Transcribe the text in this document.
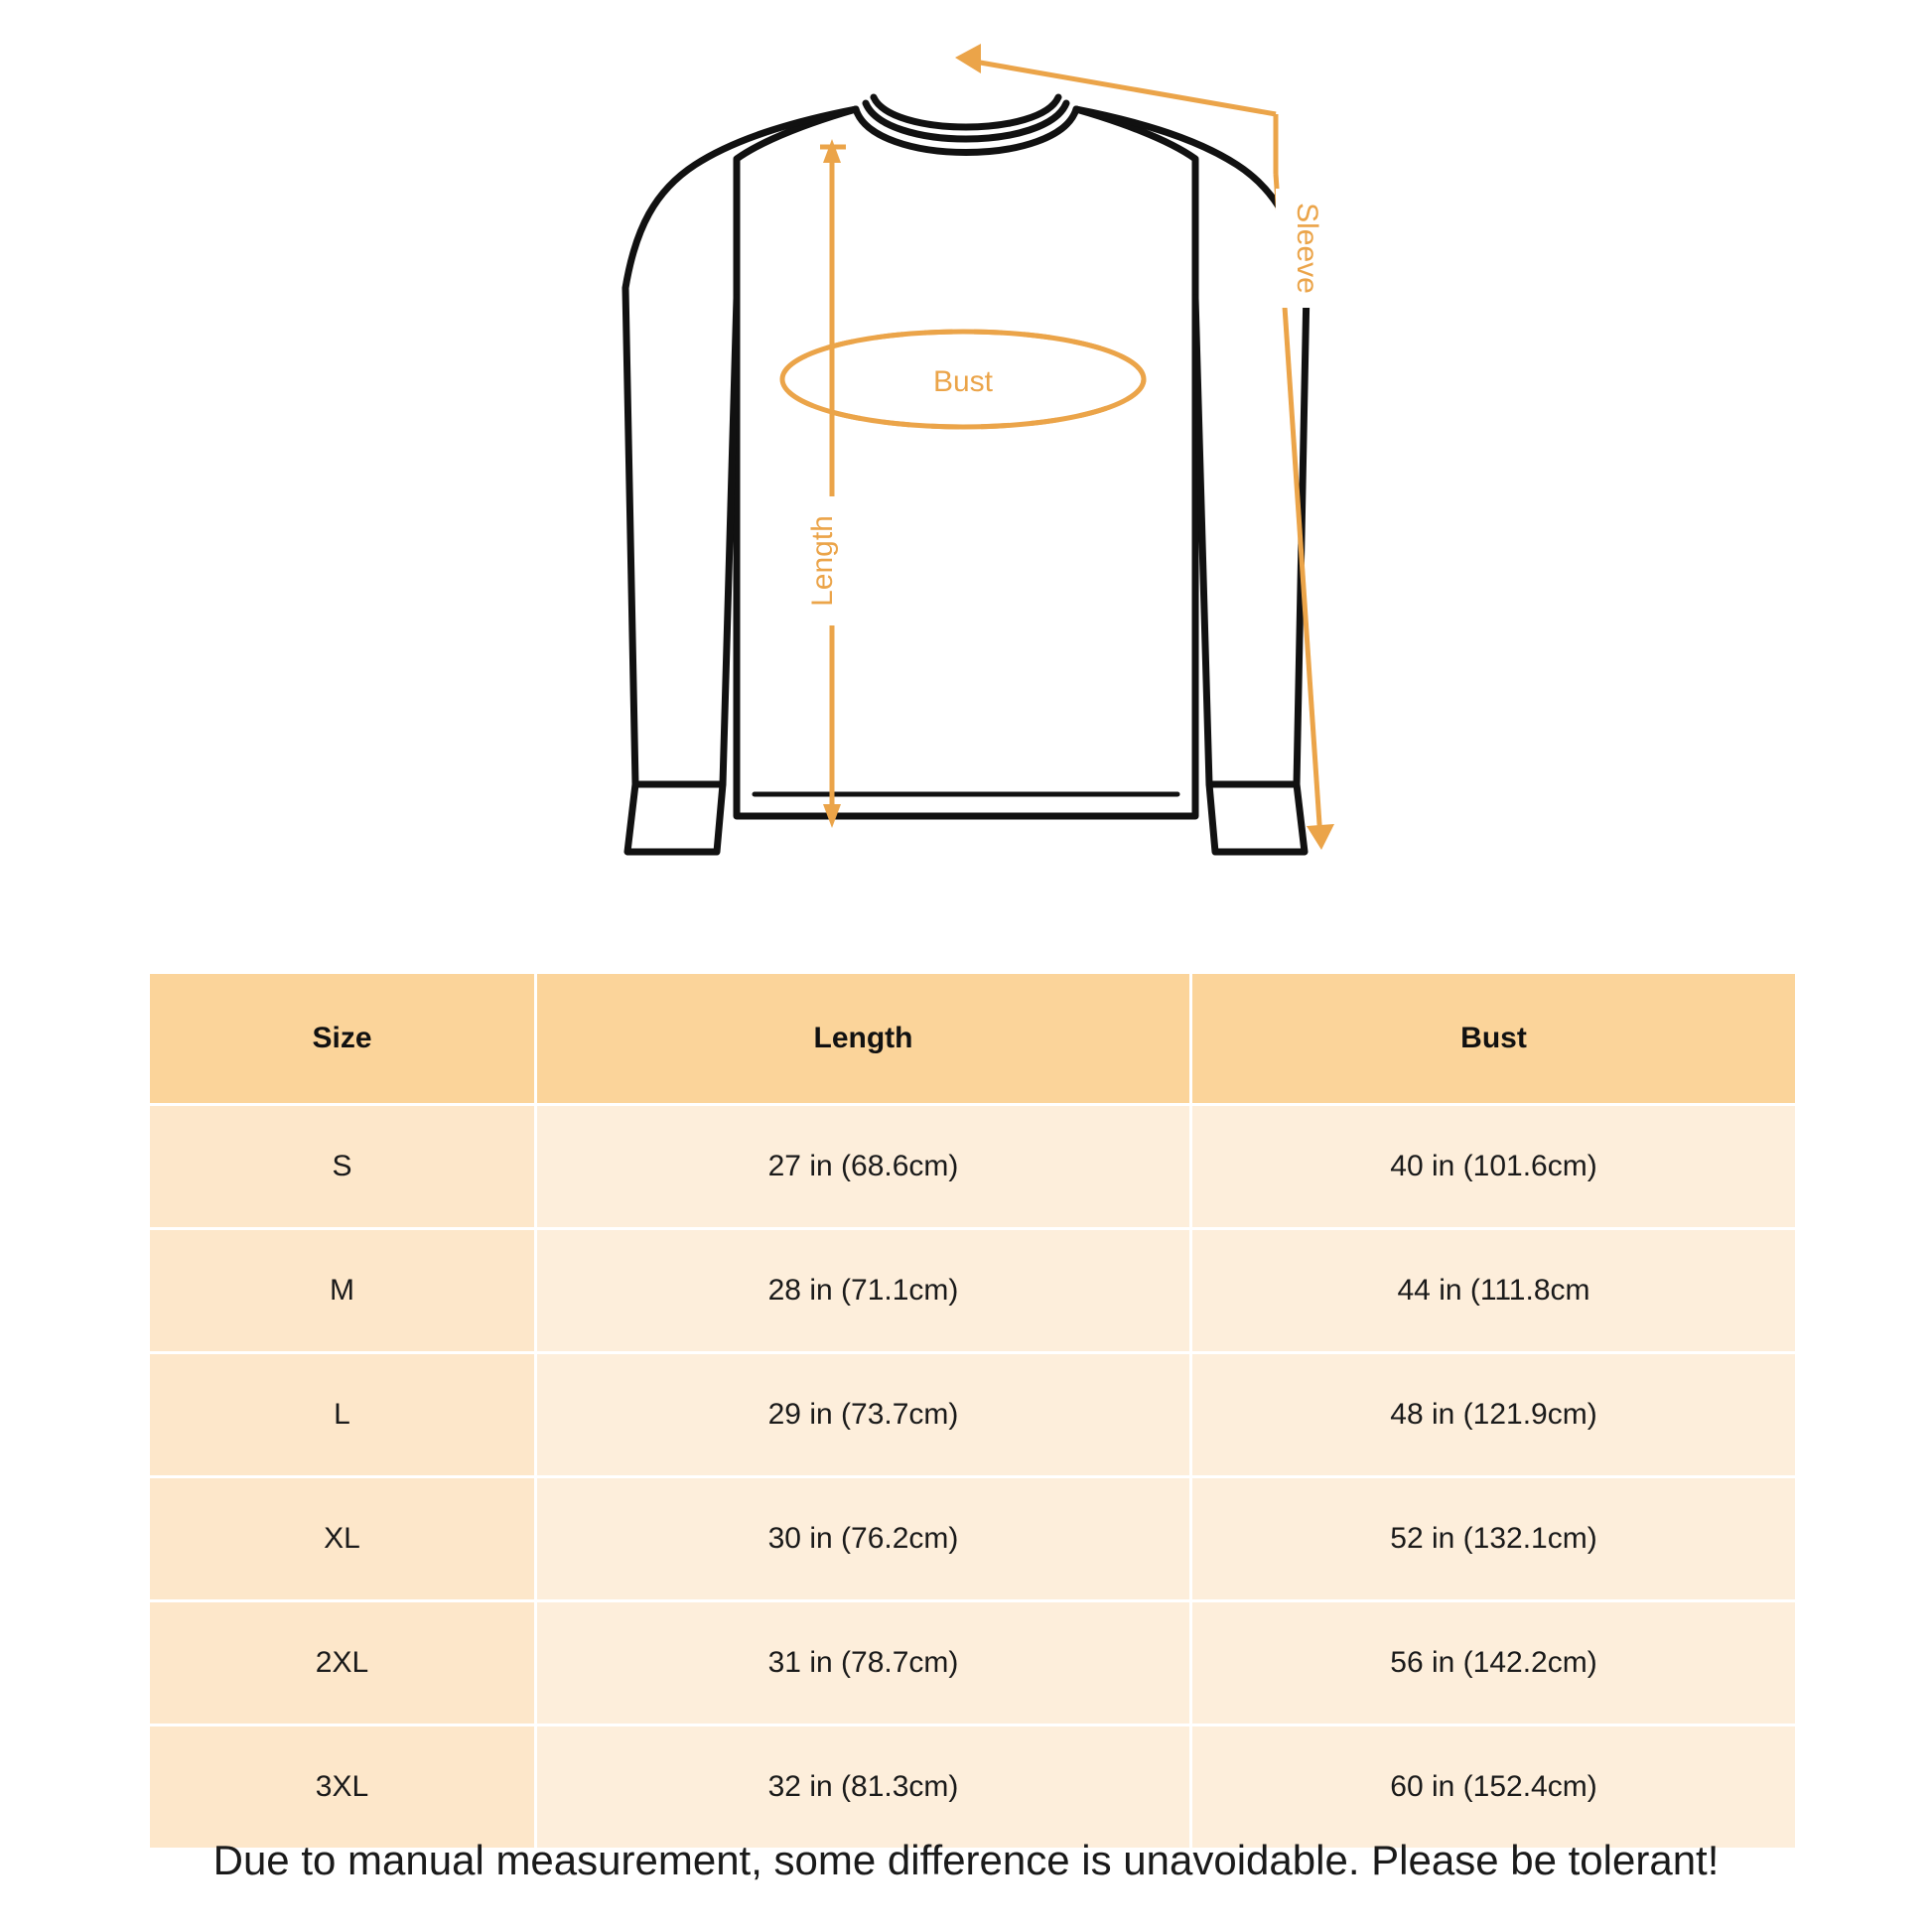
Bust
Length
Sleeve
Size	Length	Bust
S	27 in (68.6cm)	40 in (101.6cm)
M	28 in (71.1cm)	44 in (111.8cm
L	29 in (73.7cm)	48 in (121.9cm)
XL	30 in (76.2cm)	52 in (132.1cm)
2XL	31 in (78.7cm)	56 in (142.2cm)
3XL	32 in (81.3cm)	60 in (152.4cm)
Due to manual measurement, some difference is unavoidable. Please be tolerant!
